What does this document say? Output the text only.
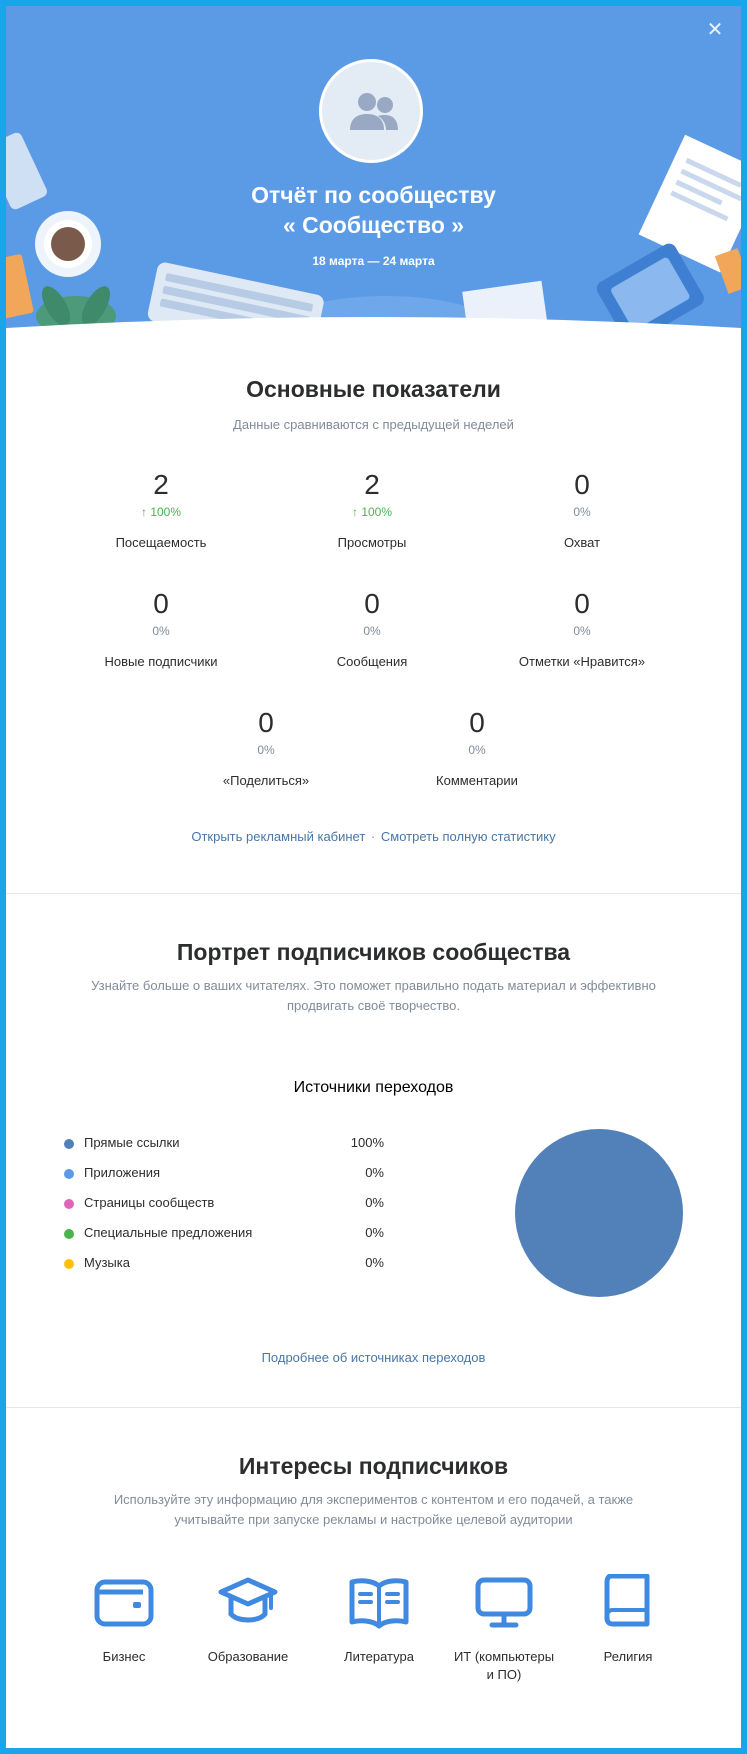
✕
Отчёт по сообществу
« Сообщество »
18 марта — 24 марта
Основные показатели

Данные сравниваются с предыдущей неделей

2
↑ 100%
Посещаемость
2
↑ 100%
Просмотры
0
0%
Охват
0
0%
Новые подписчики
0
0%
Сообщения
0
0%
Отметки «Нравится»
0
0%
«Поделиться»
0
0%
Комментарии
Открыть рекламный кабинет · Смотреть полную статистику
Портрет подписчиков сообщества

Узнайте больше о ваших читателях. Это поможет правильно подать материал и эффективно

продвигать своё творчество.

Источники переходов
Прямые ссылки	100%
Приложения	0%
Страницы сообществ	0%
Специальные предложения	0%
Музыка	0%
Подробнее об источниках переходов
Интересы подписчиков

Используйте эту информацию для экспериментов с контентом и его подачей, а также

учитывайте при запуске рекламы и настройке целевой аудитории

Бизнес	Образование	Литература	ИТ (компьютеры
и ПО)
Религия
